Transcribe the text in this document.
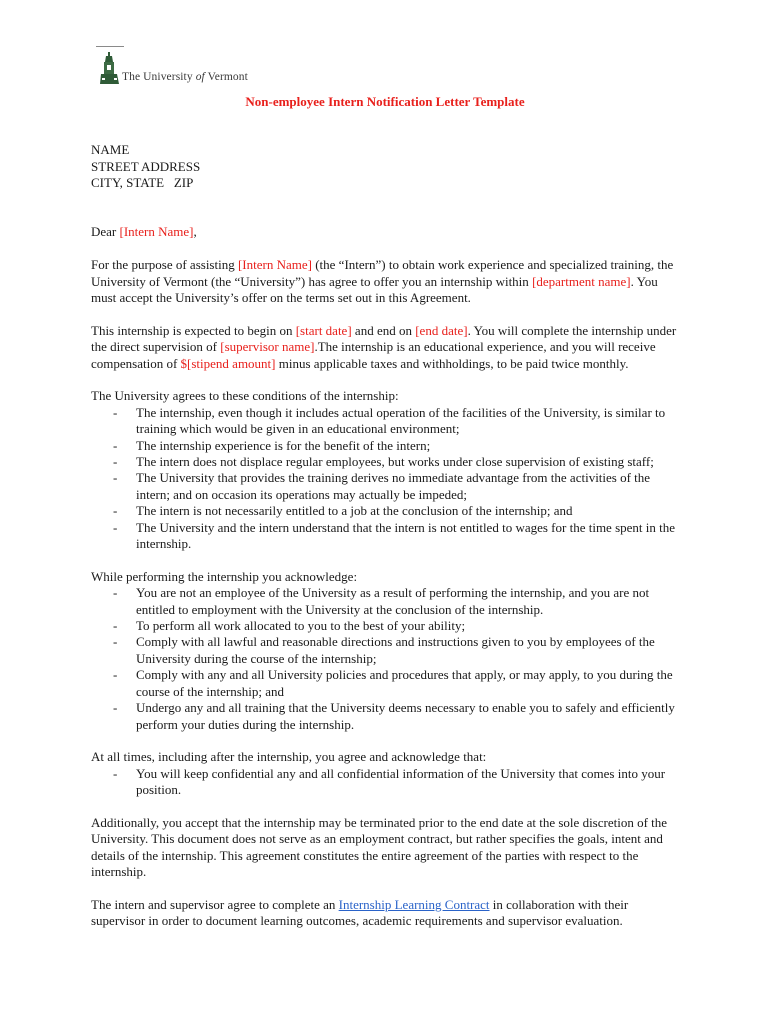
The University of Vermont
Non-employee Intern Notification Letter Template

NAME
STREET ADDRESS
CITY, STATE   ZIP

Dear [Intern Name],

For the purpose of assisting [Intern Name] (the “Intern”) to obtain work experience and specialized training, the University of Vermont (the “University”) has agree to offer you an internship within [department name]. You must accept the University’s offer on the terms set out in this Agreement.

This internship is expected to begin on [start date] and end on [end date]. You will complete the internship under the direct supervision of [supervisor name].The internship is an educational experience, and you will receive compensation of $[stipend amount] minus applicable taxes and withholdings, to be paid twice monthly.

The University agrees to these conditions of the internship:
- The internship, even though it includes actual operation of the facilities of the University, is similar to training which would be given in an educational environment;
- The internship experience is for the benefit of the intern;
- The intern does not displace regular employees, but works under close supervision of existing staff;
- The University that provides the training derives no immediate advantage from the activities of the intern; and on occasion its operations may actually be impeded;
- The intern is not necessarily entitled to a job at the conclusion of the internship; and
- The University and the intern understand that the intern is not entitled to wages for the time spent in the internship.
While performing the internship you acknowledge:
- You are not an employee of the University as a result of performing the internship, and you are not entitled to employment with the University at the conclusion of the internship.
- To perform all work allocated to you to the best of your ability;
- Comply with all lawful and reasonable directions and instructions given to you by employees of the University during the course of the internship;
- Comply with any and all University policies and procedures that apply, or may apply, to you during the course of the internship; and
- Undergo any and all training that the University deems necessary to enable you to safely and efficiently perform your duties during the internship.
At all times, including after the internship, you agree and acknowledge that:
- You will keep confidential any and all confidential information of the University that comes into your position.

Additionally, you accept that the internship may be terminated prior to the end date at the sole discretion of the University. This document does not serve as an employment contract, but rather specifies the goals, intent and details of the internship. This agreement constitutes the entire agreement of the parties with respect to the internship.

The intern and supervisor agree to complete an Internship Learning Contract in collaboration with their supervisor in order to document learning outcomes, academic requirements and supervisor evaluation.
